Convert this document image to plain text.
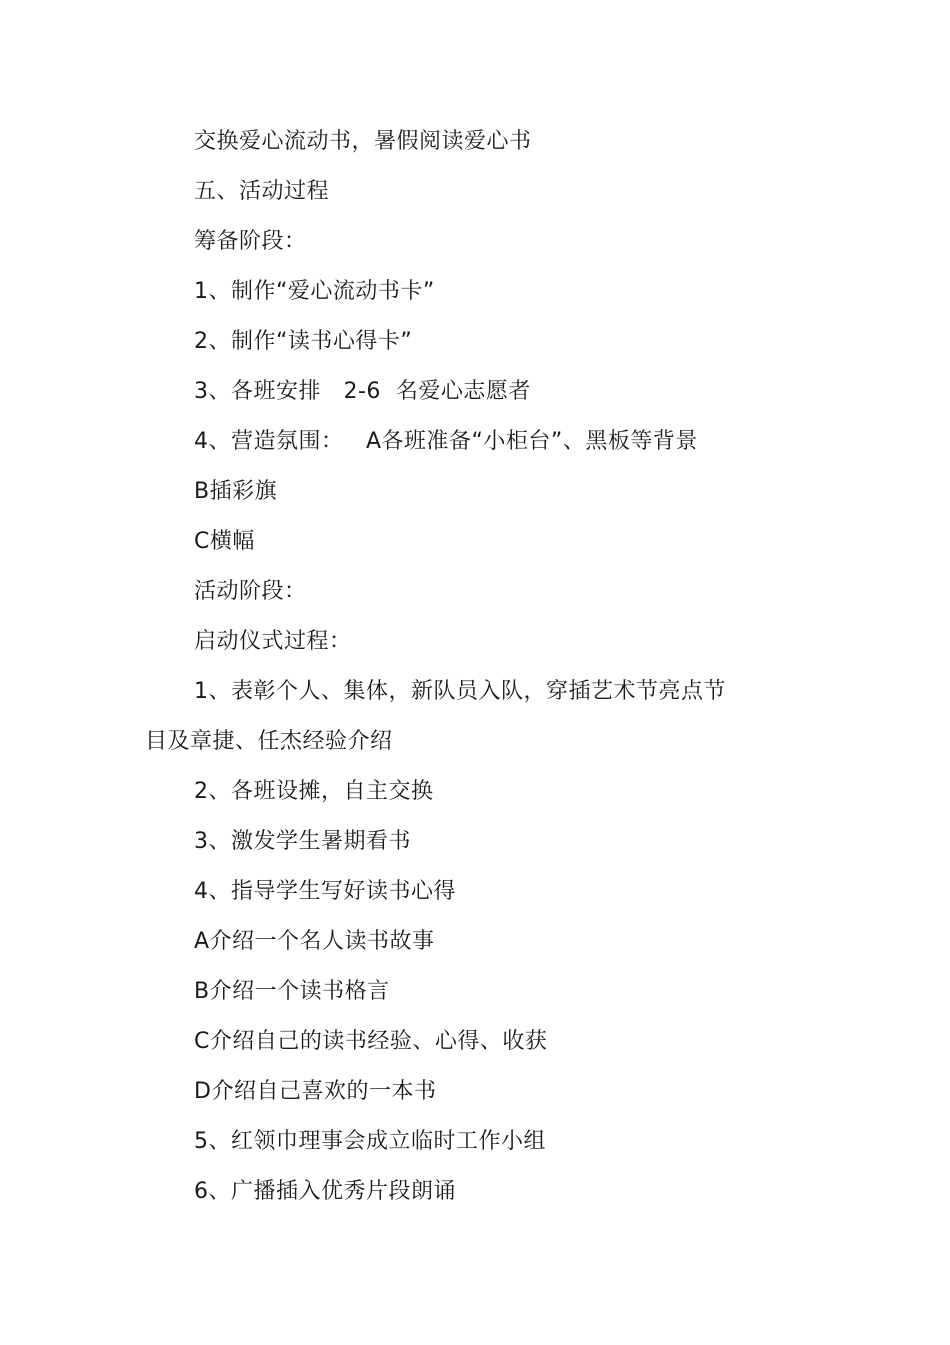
交换爱心流动书，暑假阅读爱心书
五、活动过程
筹备阶段：
1、制作“爱心流动书卡”
2、制作“读书心得卡”
3、各班安排   2-6  名爱心志愿者
4、营造氛围：   A各班准备“小柜台”、黑板等背景
B插彩旗
C横幅
活动阶段：
启动仪式过程：
1、表彰个人、集体，新队员入队，穿插艺术节亮点节
目及章捷、任杰经验介绍
2、各班设摊，自主交换
3、激发学生暑期看书
4、指导学生写好读书心得
A介绍一个名人读书故事
B介绍一个读书格言
C介绍自己的读书经验、心得、收获
D介绍自己喜欢的一本书
5、红领巾理事会成立临时工作小组
6、广播插入优秀片段朗诵
